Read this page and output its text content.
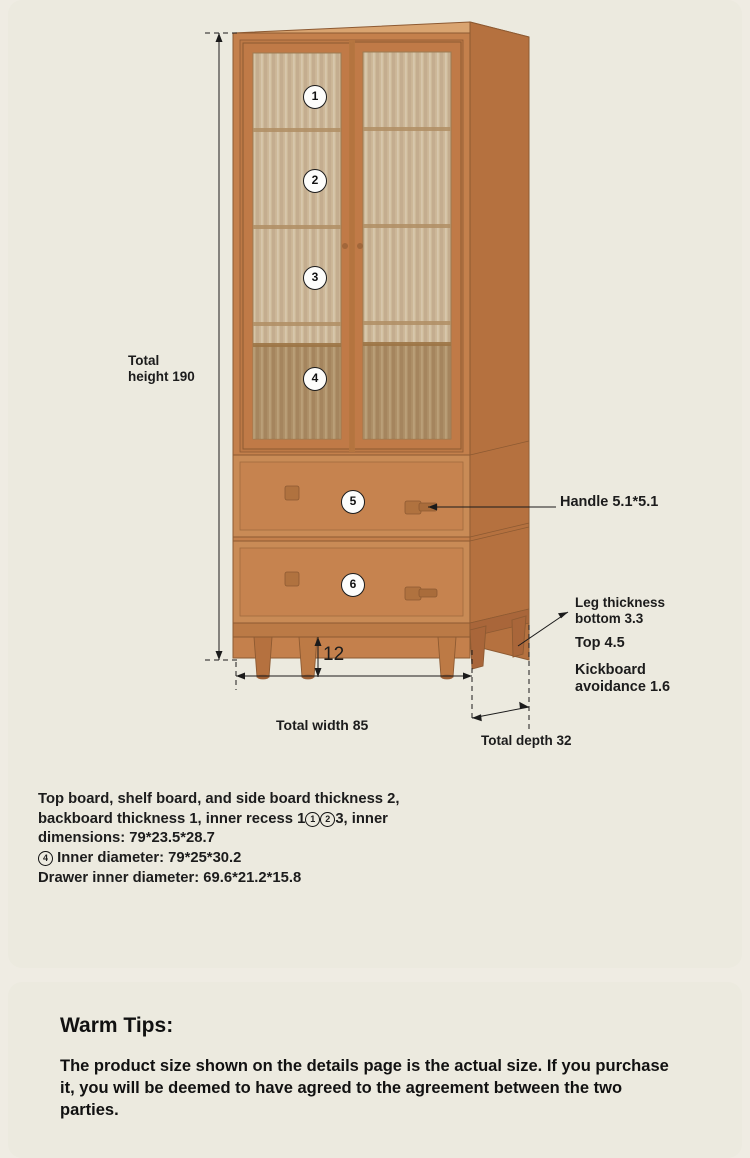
1
2
3
4
5
6
Total
height 190
12
Handle 5.1*5.1
Leg thickness
bottom 3.3
Top 4.5
Kickboard
avoidance 1.6
Total width 85
Total depth 32
Top board, shelf board, and side board thickness 2, backboard thickness 1, inner recess 1 1 2 3, inner dimensions: 79*23.5*28.7
4 Inner diameter: 79*25*30.2
Drawer inner diameter: 69.6*21.2*15.8
Warm Tips:
The product size shown on the details page is the actual size. If you purchase it, you will be deemed to have agreed to the agreement between the two parties.
